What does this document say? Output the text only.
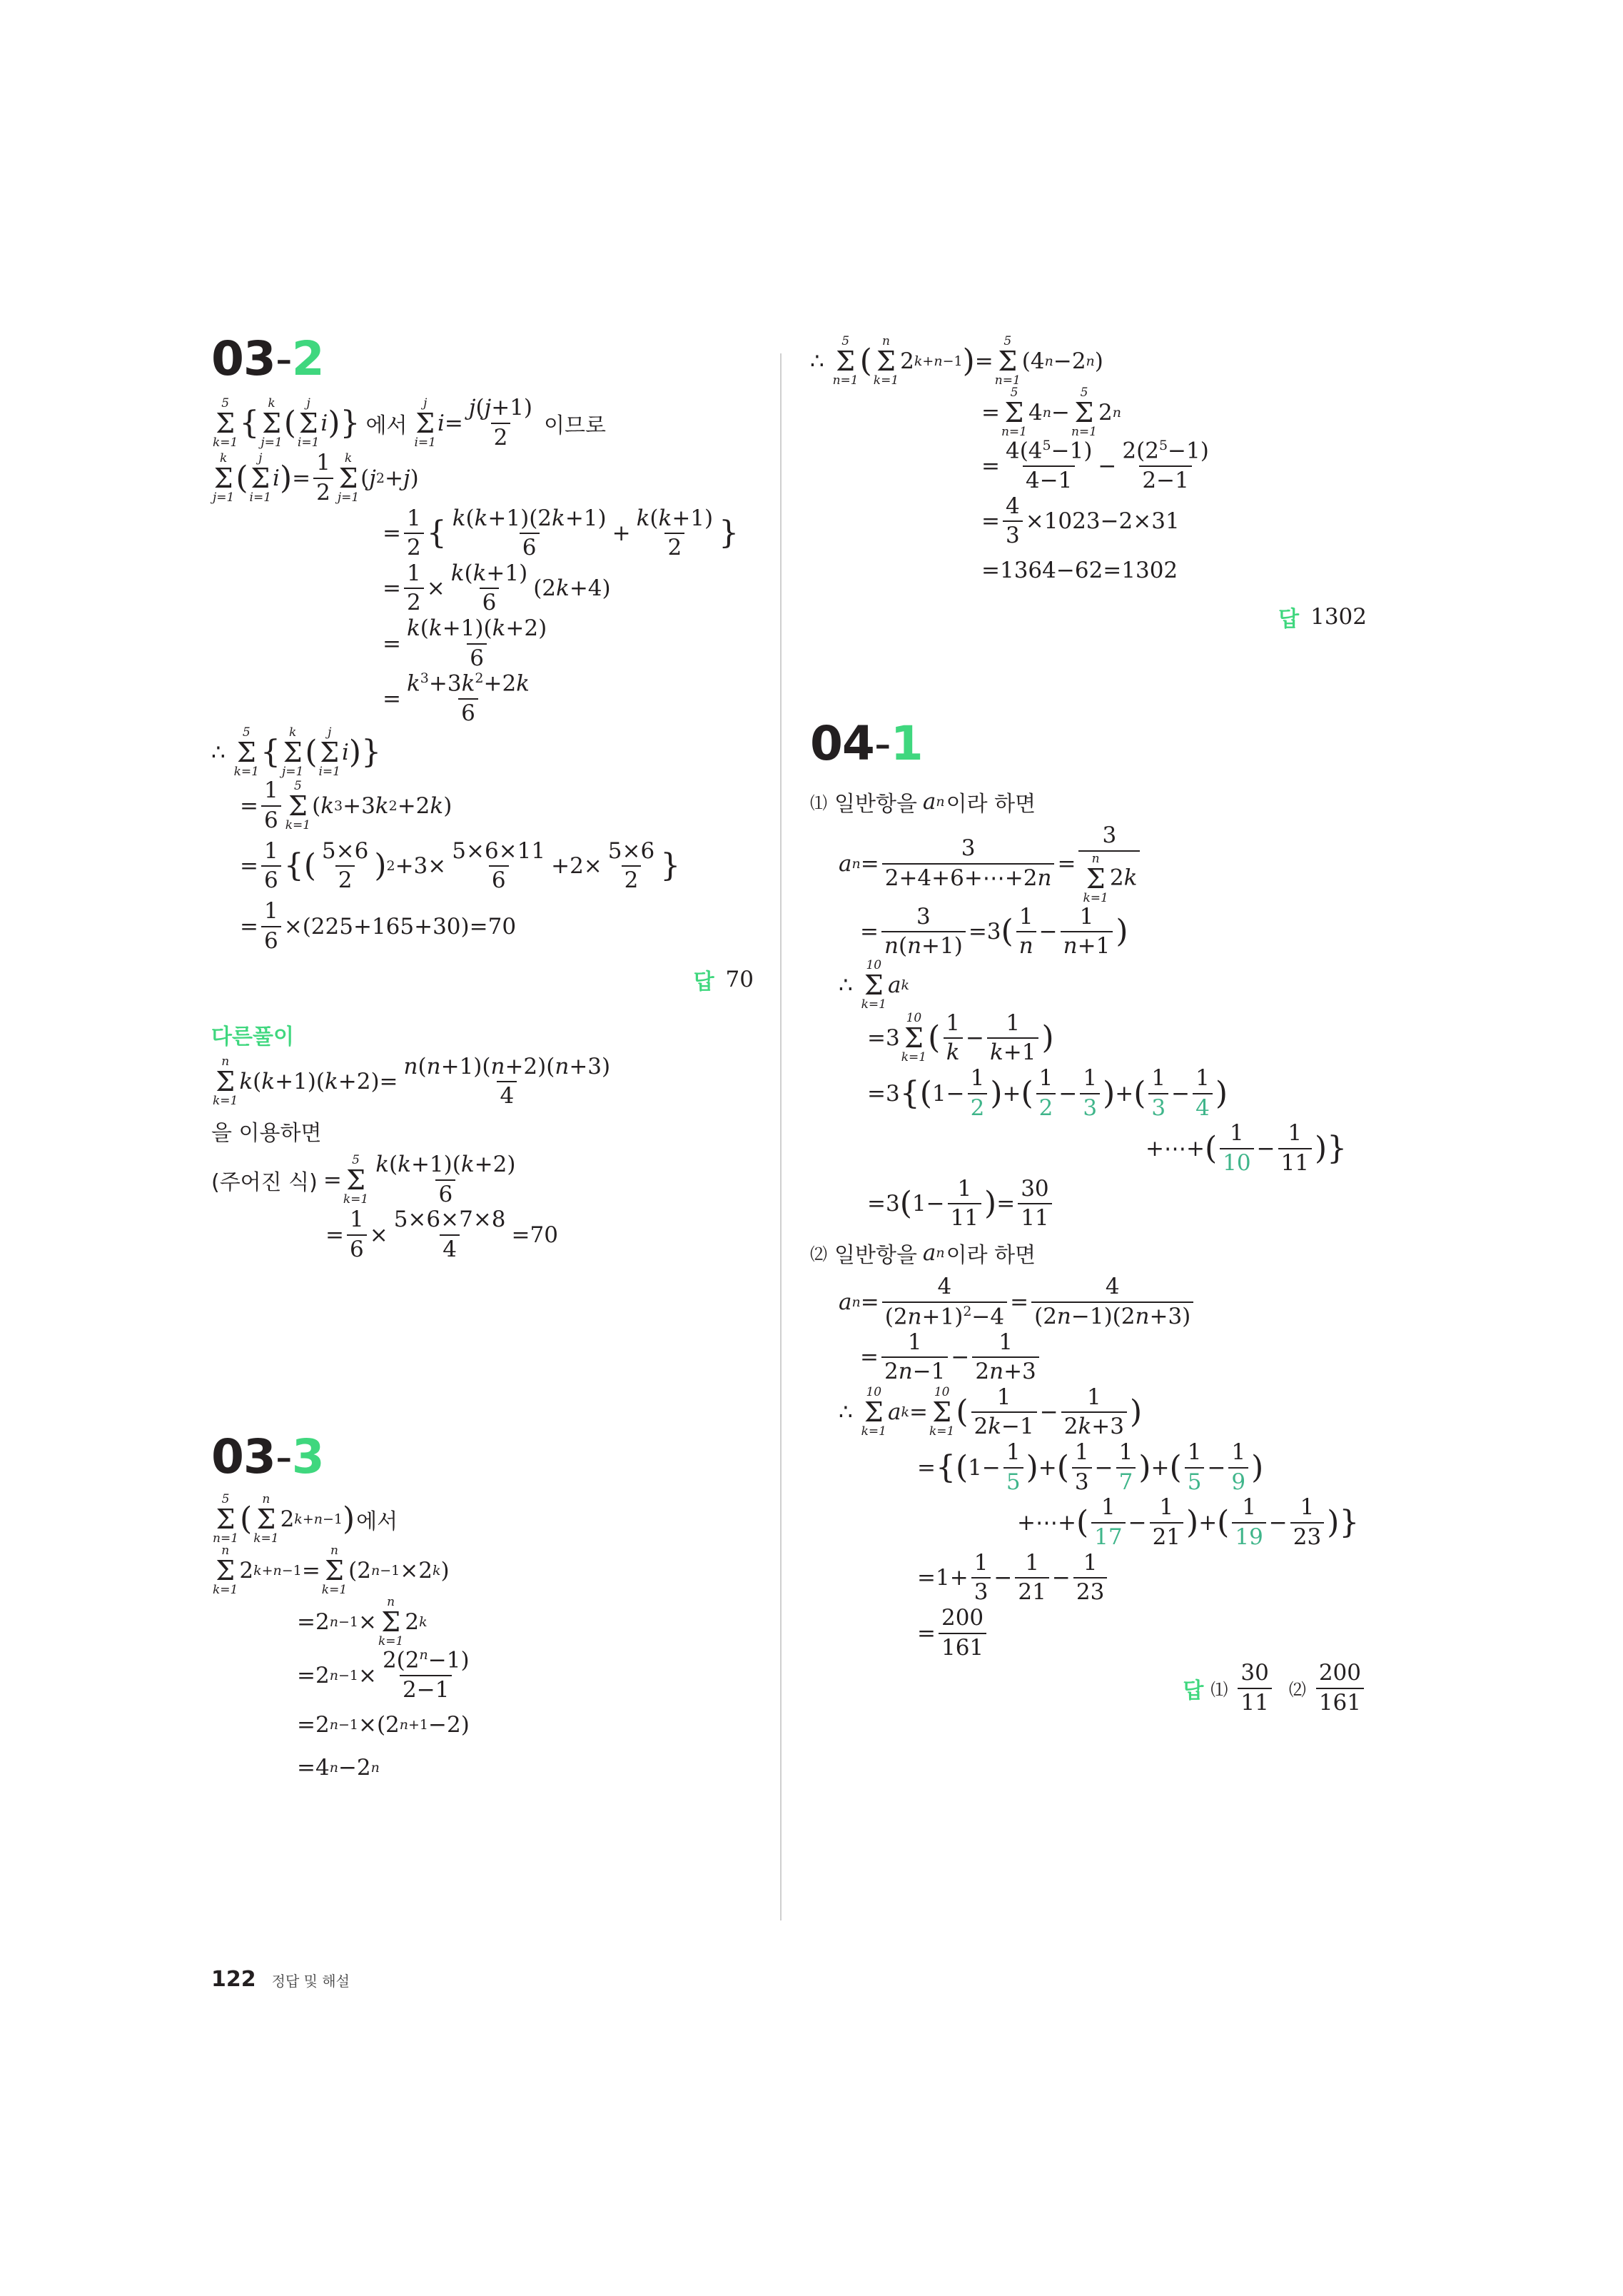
03-2
5
Σ
k=1
{
k
Σ
j=1
(
j
Σ
i=1
i )} 에서
j
Σ
i=1
$i = \frac{j(j+1)}{2}$ 이므로
k
Σ
j=1
(
j
Σ
i=1
i ) = $\frac{1}{2}$ k
Σ
j=1
( j 2 + j )
= $\frac{1}{2}$ { $\frac{k(k+1)(2k+1)}{6} + \frac{k(k+1)}{2}$ }
= $\frac{1}{2} \times \frac{k(k+1)}{6} (2$ k +4)
= $\frac{k(k+1)(k+2)}{6}$
= $\frac{k^3+3k^2+2k}{6}$
∴

5
Σ
k=1
{
k
Σ
j=1
(
j
Σ
i=1
i )}
= $\frac{1}{6} 5$
Σ
k=1
( k 3 +3 k 2 +2 k )
= $\frac{1}{6}$ {( $\frac{5\times 6}{2}$ ) $2 +3\times \frac{5\times 6\times 11}{6} +2\times \frac{5\times 6}{2}$ }
= $\frac{1}{6} \times(225+165+30)=70$
답 70
다른풀이
n
Σ
k=1
k ( k +1)( $k +2)= \frac{n(n+1)(n+2)(n+3)}{4}$
을 이용하면
(주어진 식) =
5
Σ
$k=1 \frac{k(k+1)(k+2)}{6}$
= $\frac{1}{6} \times \frac{5\times 6\times 7\times 8}{4} =70$
03-3
5
Σ
n=1
(
n
Σ
k=1
2 k+n−1 ) 에서
n
Σ
k=1
2 k+n−1 =
n
Σ
k=1
(2 n−1 ×2 k )
=2 n−1 ×
n
Σ
k=1
2 k
=2 $n-1 \times \frac{2(2^n-1)}{2-1}$
=2 n−1 ×(2 n+1 −2)
=4 n −2 n
∴

5
Σ
n=1
(
n
Σ
k=1
2 k+n−1 ) =
5
Σ
n=1
(4 n −2 n )
=
5
Σ
n=1
4 n −
5
Σ
n=1
2 n
= $\frac{4(4^5-1)}{4-1} - \frac{2(2^5-1)}{2-1}$
= $\frac{4}{3} \times 1023-2\times 31$
=1364−62=1302
답 1302
04-1
⑴ 일반항을 a n 이라 하면
a $n = \frac{3}{2+4+6+\cdots+2n} = 3$
n
Σ
k=1
2k
= $\frac{3}{n(n+1)} =3$ ( $\frac{1}{n} - \frac{1}{n+1}$ )
∴

10
Σ
k=1
a k
=3
10
Σ
k=1
( $\frac{1}{k} - \frac{1}{k+1}$ )
=3 {( $1- \frac{1}{2}$ ) + ( $\frac{1}{2} - \frac{1}{3}$ ) + ( $\frac{1}{3} - \frac{1}{4}$ )
+⋯+ ( $\frac{1}{10} - \frac{1}{11}$ )}
=3 ( $1- \frac{1}{11}$ ) = $\frac{30}{11}$
⑵ 일반항을 a n 이라 하면
a $n = \frac{4}{(2n+1)^2-4} = \frac{4}{(2n-1)(2n+3)}$
= $\frac{1}{2n-1} - \frac{1}{2n+3}$
∴

10
Σ
k=1
a k =
10
Σ
k=1
( $\frac{1}{2k-1} - \frac{1}{2k+3}$ )
= {( $1- \frac{1}{5}$ ) + ( $\frac{1}{3} - \frac{1}{7}$ ) + ( $\frac{1}{5} - \frac{1}{9}$ )
+⋯+ ( $\frac{1}{17} - \frac{1}{21}$ ) + ( $\frac{1}{19} - \frac{1}{23}$ )}
$=1+ \frac{1}{3} - \frac{1}{21} - \frac{1}{23}$
= $\frac{200}{161}$
답 ⑴ $\frac{30}{11}$ ⑵ $\frac{200}{161}$
122 정답 및 해설
